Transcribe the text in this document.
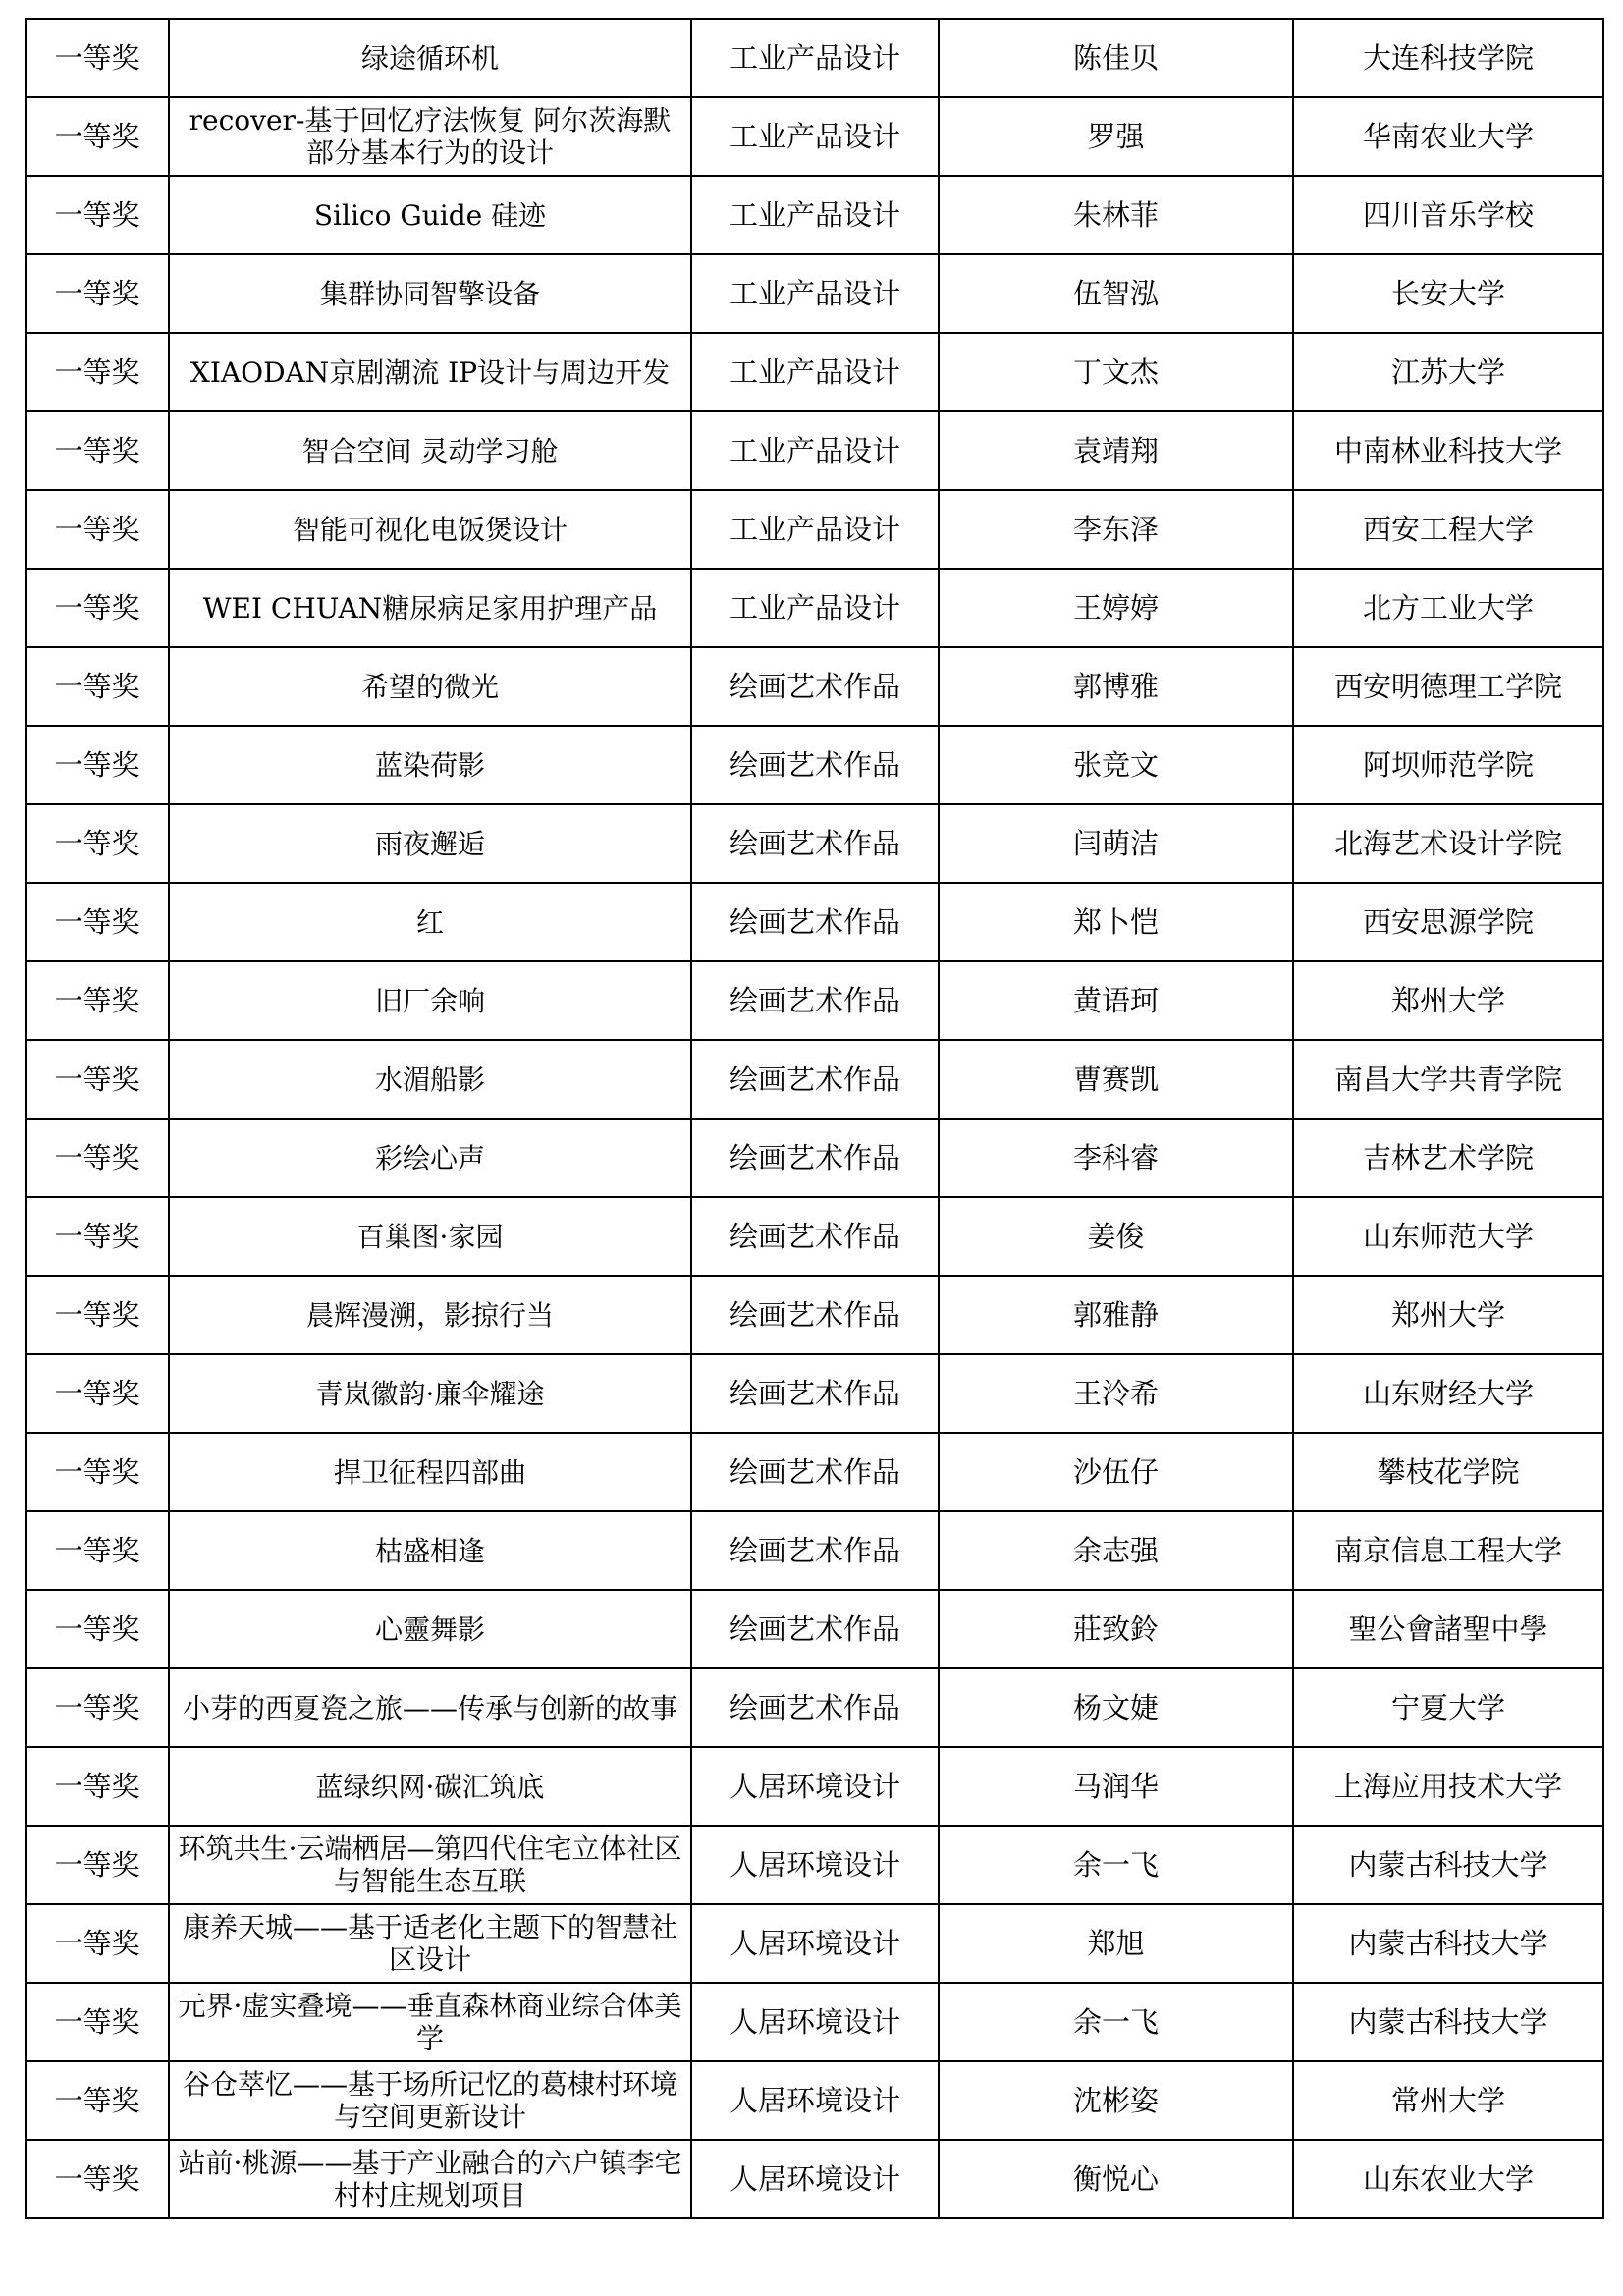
一等奖	绿途循环机	工业产品设计	陈佳贝	大连科技学院
一等奖	recover-基于回忆疗法恢复 阿尔茨海默部分基本行为的设计	工业产品设计	罗强	华南农业大学
一等奖	Silico Guide 硅迹	工业产品设计	朱林菲	四川音乐学校
一等奖	集群协同智擎设备	工业产品设计	伍智泓	长安大学
一等奖	XIAODAN京剧潮流 IP设计与周边开发	工业产品设计	丁文杰	江苏大学
一等奖	智合空间 灵动学习舱	工业产品设计	袁靖翔	中南林业科技大学
一等奖	智能可视化电饭煲设计	工业产品设计	李东泽	西安工程大学
一等奖	WEI CHUAN糖尿病足家用护理产品	工业产品设计	王婷婷	北方工业大学
一等奖	希望的微光	绘画艺术作品	郭博雅	西安明德理工学院
一等奖	蓝染荷影	绘画艺术作品	张竞文	阿坝师范学院
一等奖	雨夜邂逅	绘画艺术作品	闫萌洁	北海艺术设计学院
一等奖	红	绘画艺术作品	郑卜恺	西安思源学院
一等奖	旧厂余响	绘画艺术作品	黄语珂	郑州大学
一等奖	水湄船影	绘画艺术作品	曹赛凯	南昌大学共青学院
一等奖	彩绘心声	绘画艺术作品	李科睿	吉林艺术学院
一等奖	百巢图·家园	绘画艺术作品	姜俊	山东师范大学
一等奖	晨辉漫溯，影掠行当	绘画艺术作品	郭雅静	郑州大学
一等奖	青岚徽韵·廉伞耀途	绘画艺术作品	王泠希	山东财经大学
一等奖	捍卫征程四部曲	绘画艺术作品	沙伍仔	攀枝花学院
一等奖	枯盛相逢	绘画艺术作品	余志强	南京信息工程大学
一等奖	心靈舞影	绘画艺术作品	莊致鈴	聖公會諸聖中學
一等奖	小芽的西夏瓷之旅——传承与创新的故事	绘画艺术作品	杨文婕	宁夏大学
一等奖	蓝绿织网·碳汇筑底	人居环境设计	马润华	上海应用技术大学
一等奖	环筑共生·云端栖居—第四代住宅立体社区与智能生态互联	人居环境设计	余一飞	内蒙古科技大学
一等奖	康养天城——基于适老化主题下的智慧社区设计	人居环境设计	郑旭	内蒙古科技大学
一等奖	元界·虚实叠境——垂直森林商业综合体美学	人居环境设计	余一飞	内蒙古科技大学
一等奖	谷仓萃忆——基于场所记忆的葛棣村环境与空间更新设计	人居环境设计	沈彬姿	常州大学
一等奖	站前·桃源——基于产业融合的六户镇李宅村村庄规划项目	人居环境设计	衡悦心	山东农业大学
